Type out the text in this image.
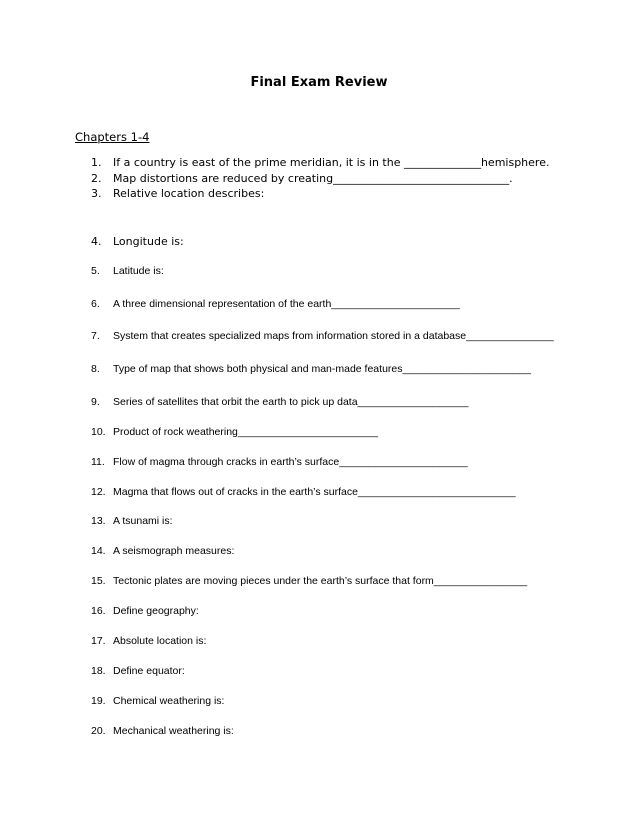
Final Exam Review
Chapters 1-4
1. If a country is east of the prime meridian, it is in the ______________hemisphere.
2. Map distortions are reduced by creating________________________________.
3. Relative location describes:
4. Longitude is:
5. Latitude is:
6. A three dimensional representation of the earth______________________
7. System that creates specialized maps from information stored in a database_______________
8. Type of map that shows both physical and man-made features______________________
9. Series of satellites that orbit the earth to pick up data___________________
10. Product of rock weathering________________________
11. Flow of magma through cracks in earth’s surface______________________
12. Magma that flows out of cracks in the earth’s surface___________________________
13. A tsunami is:
14. A seismograph measures:
15. Tectonic plates are moving pieces under the earth’s surface that form________________
16. Define geography:
17. Absolute location is:
18. Define equator:
19. Chemical weathering is:
20. Mechanical weathering is:
